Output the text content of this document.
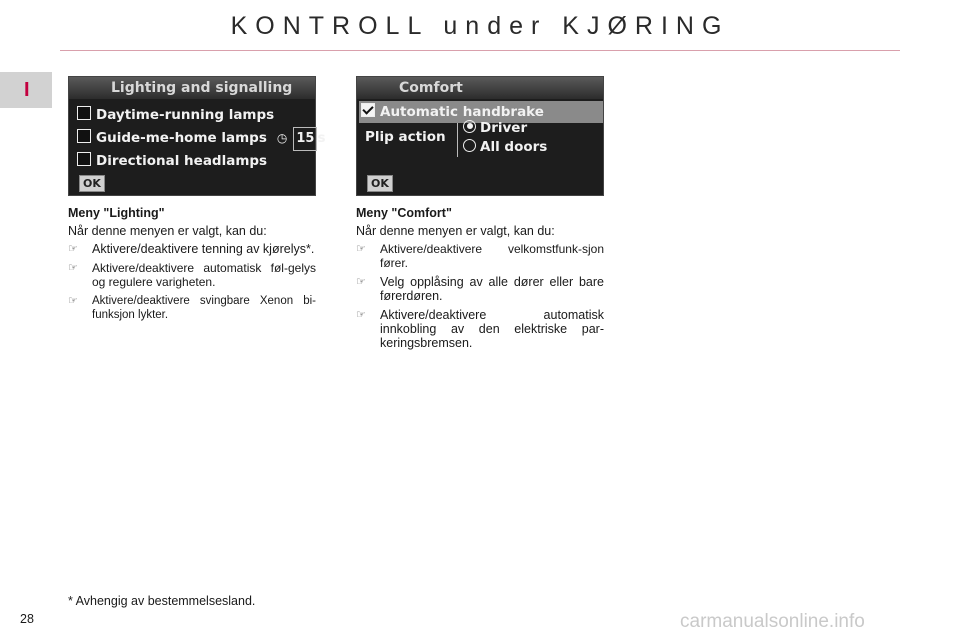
KONTROLL under KJØRING
I	Lighting and signalling
Daytime-running lamps
Guide-me-home lamps ◷ 15 s
Directional headlamps
OK
Comfort
Automatic handbrake
Plip action
Driver
All doors
OK
Meny "Lighting"

Når denne menyen er valgt, kan du:

☞ Aktivere/deaktivere tenning av kjørelys*.
☞ Aktivere/deaktivere automatisk føl-gelys og regulere varigheten.
☞ Aktivere/deaktivere svingbare Xenon bi-funksjon lykter.
Meny "Comfort"

Når denne menyen er valgt, kan du:

☞ Aktivere/deaktivere velkomstfunk-sjon fører.
☞ Velg opplåsing av alle dører eller bare førerdøren.
☞ Aktivere/deaktivere automatisk innkobling av den elektriske par-keringsbremsen.
* Avhengig av bestemmelsesland.
28	carmanualsonline.info
